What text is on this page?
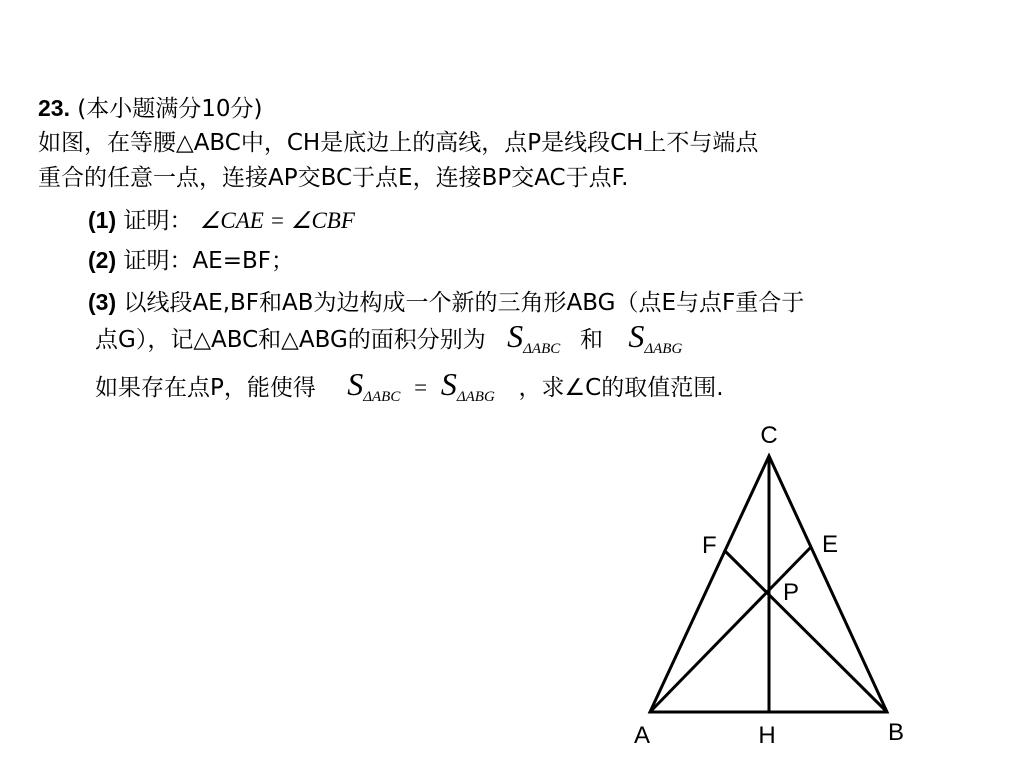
23. (本小题满分10分)
如图，在等腰△ABC中，CH是底边上的高线，点P是线段CH上不与端点
重合的任意一点，连接AP交BC于点E，连接BP交AC于点F.
(1) 证明： ∠CAE = ∠CBF
(2) 证明：AE=BF；
(3) 以线段AE,BF和AB为边构成一个新的三角形ABG（点E与点F重合于
点G），记△ABC和△ABG的面积分别为 $S_{\Delta ABC}$ 和 $S_{\Delta ABG}$
如果存在点P，能使得 $S_{\Delta ABC} = S_{\Delta ABG}$ ，求∠C的取值范围.
C
F	E
P
A	H	B
